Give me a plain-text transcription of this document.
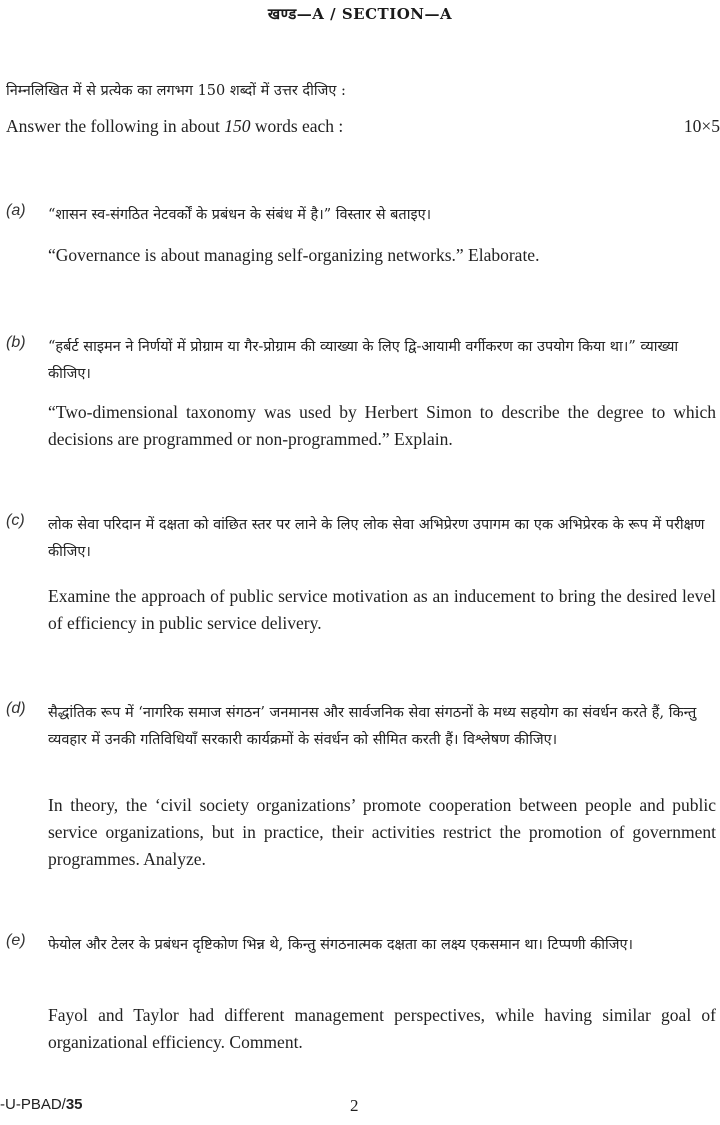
खण्ड—A / SECTION—A
निम्नलिखित में से प्रत्येक का लगभग 150 शब्दों में उत्तर दीजिए :
Answer the following in about 150 words each :	10×5
(a) “शासन स्व-संगठित नेटवर्कों के प्रबंधन के संबंध में है।” विस्तार से बताइए।
“Governance is about managing self-organizing networks.” Elaborate.
(b) “हर्बर्ट साइमन ने निर्णयों में प्रोग्राम या गैर-प्रोग्राम की व्याख्या के लिए द्वि-आयामी वर्गीकरण का उपयोग किया था।” व्याख्या कीजिए।
“Two-dimensional taxonomy was used by Herbert Simon to describe the degree to which decisions are programmed or non-programmed.” Explain.
(c) लोक सेवा परिदान में दक्षता को वांछित स्तर पर लाने के लिए लोक सेवा अभिप्रेरण उपागम का एक अभिप्रेरक के रूप में परीक्षण कीजिए।
Examine the approach of public service motivation as an inducement to bring the desired level of efficiency in public service delivery.
(d) सैद्धांतिक रूप में ‘नागरिक समाज संगठन’ जनमानस और सार्वजनिक सेवा संगठनों के मध्य सहयोग का संवर्धन करते हैं, किन्तु व्यवहार में उनकी गतिविधियाँ सरकारी कार्यक्रमों के संवर्धन को सीमित करती हैं। विश्लेषण कीजिए।
In theory, the ‘civil society organizations’ promote cooperation between people and public service organizations, but in practice, their activities restrict the promotion of government programmes. Analyze.
(e) फेयोल और टेलर के प्रबंधन दृष्टिकोण भिन्न थे, किन्तु संगठनात्मक दक्षता का लक्ष्य एकसमान था। टिप्पणी कीजिए।
Fayol and Taylor had different management perspectives, while having similar goal of organizational efficiency. Comment.
-U-PBAD/35	2
